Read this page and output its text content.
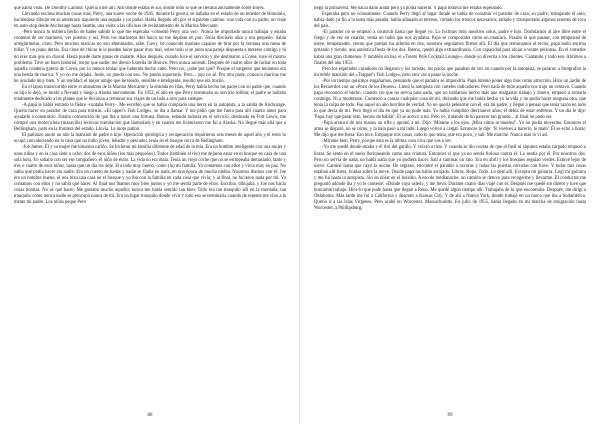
que había visto. De Dorothy Lamour. Quería irme allí. Allí donde estaba él sol, donde todo lo que se llevaba anchamente sobre flores.

Llevando encima muchas cosas más, Perry, una suave noche de 1945, durante la guerra, se hallaba en el estado de un tenedor de Honolulu, haciéndose dibujar en su antebrazo izquierdo una espada y un puñal. Había llegado allí por el siguiente camino: una vida con su padre, un viaje en auto-stop desde Anchorage hasta Seattle, una visita a las oficinas de reclutamiento de la Marina Mercante.

-Pero nunca lo hubiera hecho de haber sabido lo que me esperaba -comentó Perry una vez-. Nunca he importado nunca trabajar y estaba contento de ser marinero, ver puertos y así. Pero los marineros del barco no me dejaban en paz. Tenía dieciséis años y era pequeño. Sabía arreglármelas, claro. Pero muchos maricas no son afeminados, sabe. Cawy, he conocido marines capaces de tirar por la ventana una mesa de billar. Y un piano detrás. Esa clase de chicas te la pueden hacer pasar muy mal, sobre todo si se junta una pareja dispuesta a meterse contigo y tú no eres más que un chaval. Hasta puede darte ganas de matarte. Años después, cuando hice el servicio y me destinaron a Corea, tuve el mismo problema. Tuve un buen historial, mejor que nadie; me dieron Estrella de Bronce. Pero nunca ascendí. Después de cuatro años de luchar en toda aquella condena guerra de Corea, por lo menos tenían que haberme hecho cabo. Pero no, ¿sabe por qué? Porque el sargento que teníamos era una bestia de marica. Y yo no me dejaba. Jesús, no puedo con eso. No puedo soportarlo. Pero... ¡ojo no sé. Por otra parte, conozco maricas me he ayudado muy bien. Y un realidad, el mejor amigo que he tenido, sensible e inteligente, resultó que era trucho.

En el lapso transcurrido entre el abandono de la Marina Mercante y la entrada en filas, Perry había hecho las paces con su padre que, cuando su hijo le dejó, se mudó a Nevada y luego a Alaska nuevamente. En 1952, el año en que Perry terminaba su servicio militar, el padre se hallaba totalmente dedicado a los planes que le llevarían a terminar sus viajes de un lado a otro para siempre.

-A papá le había entrado la fiebre -contaba Perry-. Me escribió que se había comprado una tierra en la autopista, a la salida de Anchorage. Quería hacer un parador de caza para turistas. «El upper's Fish Lodge», se iba a llamar. Y me pidió que me fuera para allí cuanto antes para ayudarle a construirlo. Estaba convencido de que iba a hacer una fortuna. Bueno, estando todavía en el servicio, destinado en Fort Lewis, me compré una motocicleta (maravilla) técnicas tramitación que llamarían) y en cuanto me licenciaron me fui a Alaska. No llegué más allá que a Bellingham, justo en la frontera del estado. Llovía. La moto patinó.

El patinazo anuló un año la mansión de padre e hijo. Operación quirúrgica y recuperación requirieron seis meses de aquel año y el resto lo ocupó convaleciendo en la casa que un indio joven, leñador y pescador, tenía en el bosque cerca de Bellingham.

-Joe James. Él y su mujer me tomaron cariño. Se hicieron mi familia diferente de edad de la mía. Era un hombre inteligente con una mujer y unos niños y en la casa siete u ocho, dos de esos niños (los más pequeños). Todos (también el rey) me dejaron estar en el bosque en casa de una sola hora. Yo soñaba con ser ese compañero, el niño de éxito. La vida no era mala. Tenía un viejo coche que no se estropeaba demasiado, tanto y tres o cuatro de esos niños, hasta que un día los dejé. Era todo muy bueno, como (la) mi familia. Yo contamos con ellos y vivía muy en paz. No sabía qué podía hacer sin nadie. Era un cuento de hadas y nadie se fijaba en nada, en una época de mucha niebla. Nosotros íbamos con él. Joe era un hombre bueno, él nos hizo una casa en el bosque y yo iba con la familia en cada cosa que vivía; y al final, no hicieron nada por mí. Yo contamos con ellos y no sabía qué hacer. Al final nos íbamos muy bien juntos y yo me sentía parte de ellos. Escribía, dibujaba, y Joe nos hacía cosas bonitas. No sé qué hacer. Me gustaba mucho aquello; nunca me había sentido tan bien. Todo era tan tranquilo allí en la montaña, tan tranquilo como nunca nadie se preocupó nunca de mí. Era un lugar tranquilo donde vivir y todo eso se terminaría cuando de repente me vino a la mente mi padre. Los niños peque Pero

88

llegó la primavera. Me hacía daño andar pero ya podía hacerlo. Y papá todavía me estaba esperando.

Esperaba pero no ociosamente. Cuando Perry llegó al lugar donde se había de construir el parador de caza, su padre, trabajando él solo, había dado ya fin a la tarea más pesada: había allanado el terreno, cortado los troncos necesarios, tallado y transportado algunos enseres de roca del país.

-El parador no se empezó a construir hasta que llegué yo. Lo hicimos todo nosotros solos, padre e hijo. Dormíamos al aire libre entre el fuego y de vez en cuando, venía un indio que nos ayudaba. Papá se comportaba como un maníaco. Pasaba lo que pasase, con tempestad de nieve, tempestades, viento que partían los árboles en dos, nosotros seguíamos firmes allí. El día que terminamos el techo, papá bailó encima gritando y riendo, una auténtica fiesta de los dos. Bueno, quedó algo extraordinario. Con capacidad para alojar a veinte personas. En el comedor había una gran chimenea. Y también un bar, el «Totem Pole Cocktail Lounge», donde yo divertía a los clientes. Cantando y todo eso. Abrimos a finales del año 1953.

Pero los esperados cazadores no llegaron y los turistas, los pocos que pasaban de vez en cuando por la autopista, se pararon a fotografiar la increíble mansión del «Trapper's Fish Lodge», pero rara vez a pasar la noche.

-Por un tiempo quisimos engañarnos, pensando que el parador se impondría. Papá intentó poner algo más como atracción. Hizo un jardín de los Recuerdos con un «Pozo de los Deseos». Llenó la autopista con carteles indicadores. Pero nada de todo aquello nos trajo un centavo. Cuando papá reconoció el hecho, cuando vio que no servía para nada, que no habíamos hecho más que malgastar trabajo y dinero, empezó a tomarla conmigo. Ni a moderarse. Comenzó a contar cualquier cosa de mí, diciendo que me había hecho yo la vida y no podía hacer ninguna otra, que tenía la culpa de todo. Fue aquel un año horrible de verdad. Yo no quería pelearme con él, era mi padre, y llegué a pensar que tenía razón en todo lo que decía de mí. Pero llegó el día en que ya no pude más. Yo había cumplido diecinueve años; él debía de estar enfermo. Y un día le dije: 'Papá, hay que parar esto, hemos de hablar'. Él se acercó a mí. Pero yo, tratando de no parecer tan grande... al final no pudo ser.

-Papá arrancó de mis manos un rifle y apuntó a mi. Dijo: 'Mírame a los ojos. ¡Mira cómo te mueres!'. Yo no podía moverme. Entonces el arma se disparó, no sé cómo, y la bala pasó a mi lado. Luego volvió a cargar. Entonces le dije: 'Si vuelves a hacerlo, te mato'. Él se echó a llorar. Me dijo que me fuera. Eso hice. Empaqué mis cosas, todo lo que tenía, que era poco, y salí. Me marché. Nunca más lo vi así.

-Mírame bien, Perry, porque ésta es la última cosa viva que vas a ver.

-Yo me quedé donde estaba y él tiró del gatillo. Y volvió a tirar. Y cuando se dio cuenta de que el fusil ni siquiera estaba cargado empezó a llorar. Se sentó en el suelo lloriqueando como una criatura. Entonces ví que ya no sentía furioso contra él. Lo sentía por él. Por nosotros dos. Pero no servía de nada, no había nada que yo pudiera hacer. Salí a caminar un rato. Era en abril y los bosques seguían verdes. Estuve lejos de nieve. Caminé hasta que cayó la noche. De regreso, encontré el parador a oscuras y todas las puertas cerradas con llave. Y todas mis cosas estaban allí fuera, tiradas sobre la nieve. Donde papá las había arrojado. Libros. Ropa. Todo. Lo dejé allí. Excepto mi guitarra. Cogí mi guitarra y me fui hasta la autopista. Sin un dólar en el bolsillo. A eso de medianoche, un camión se detuvo para recogerme y llevarme. El conductor me preguntó adónde iba y yo le contesté: «Donde vaya usted», y me llevó. Durante cuatro días viajé con él. Después me quedé sin dinero y tuve que buscarme trabajo. Hice lo que pude hasta que llegué a Reno. Me quedé algún tiempo allí. Trabajaba de lo que encontraba. Después, me dirigí a Oklahoma. Más tarde me fui a California y después a Kansas City. Y de ahí a Nueva York, donde trabajé en un barco que iba a Sudamérica. Quería ir a las Islas Vírgenes. Pero acabé en Worcester, Massachusetts. En julio de 1955, había llegado en mi marcha de emigración hasta Worcester, a Phillipsburg,

89
